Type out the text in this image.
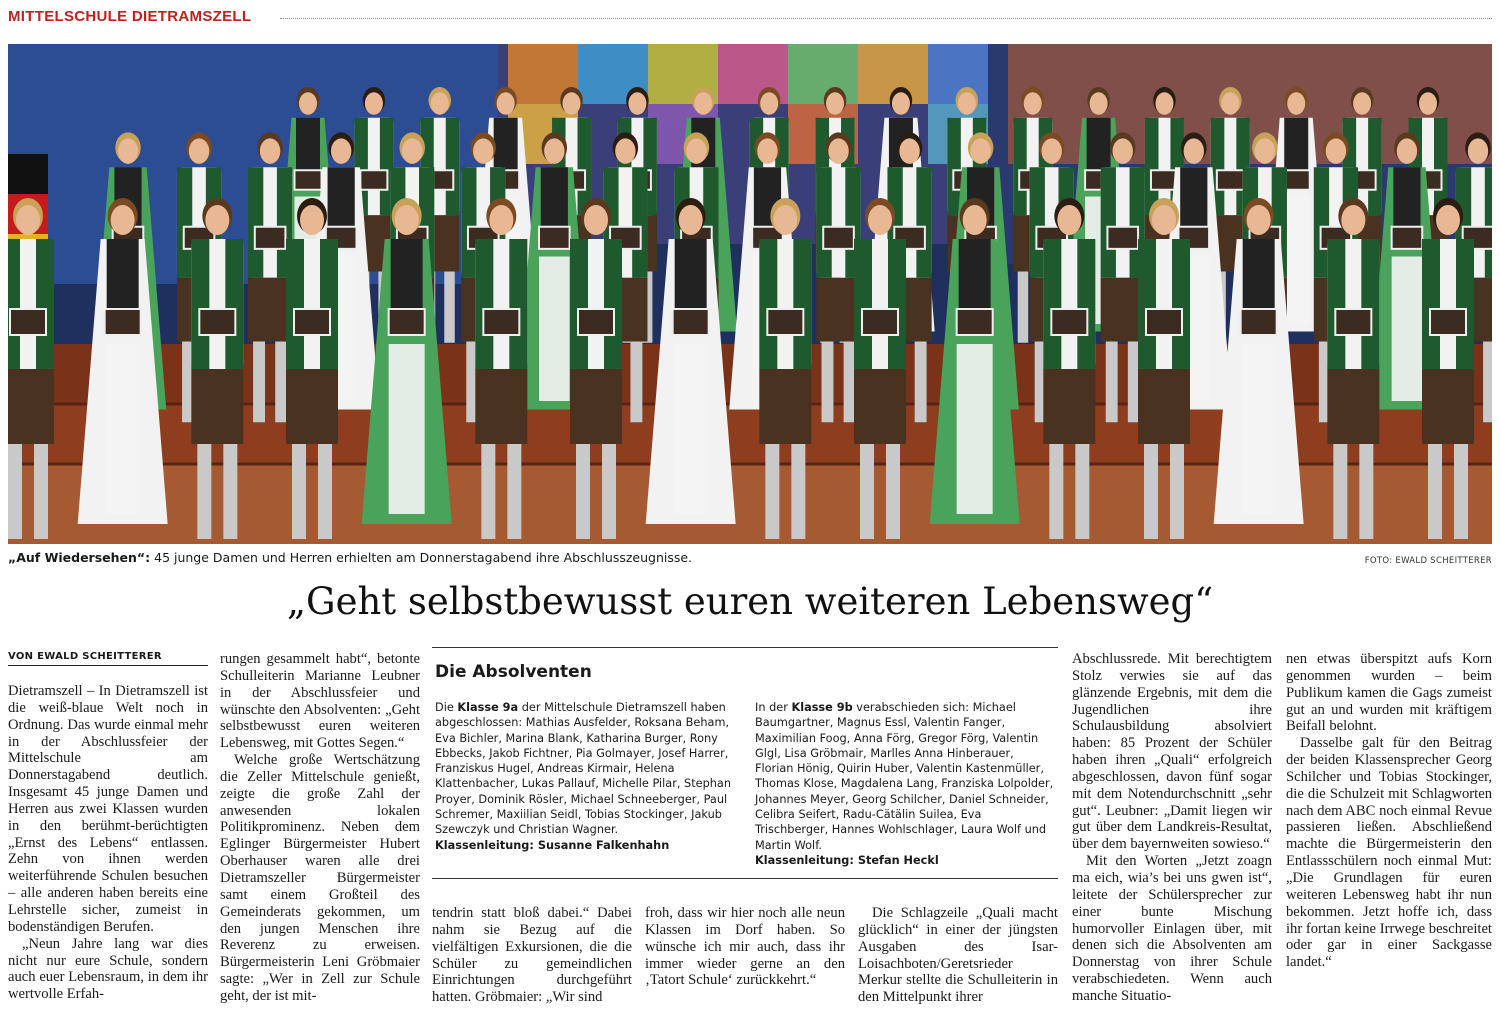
MITTELSCHULE DIETRAMSZELL
„Auf Wiedersehen“: 45 junge Damen und Herren erhielten am Donnerstagabend ihre Abschlusszeugnisse.	FOTO: EWALD SCHEITTERER
„Geht selbstbewusst euren weiteren Lebensweg“
VON EWALD SCHEITTERER

Dietramszell – In Dietramszell ist die weiß-blaue Welt noch in Ordnung. Das wurde einmal mehr in der Abschlussfeier der Mittelschule am Donnerstagabend deutlich. Insgesamt 45 junge Damen und Herren aus zwei Klassen wurden in den berühmt-berüchtigten „Ernst des Lebens“ entlassen. Zehn von ihnen werden weiterführende Schulen besuchen – alle anderen haben bereits eine Lehrstelle sicher, zumeist in bodenständigen Berufen.

„Neun Jahre lang war dies nicht nur eure Schule, sondern auch euer Lebensraum, in dem ihr wertvolle Erfah-

rungen gesammelt habt“, betonte Schulleiterin Marianne Leubner in der Abschlussfeier und wünschte den Absolventen: „Geht selbstbewusst euren weiteren Lebensweg, mit Gottes Segen.“

Welche große Wertschätzung die Zeller Mittelschule genießt, zeigte die große Zahl der anwesenden lokalen Politikprominenz. Neben dem Eglinger Bürgermeister Hubert Oberhauser waren alle drei Dietramszeller Bürgermeister samt einem Großteil des Gemeinderats gekommen, um den jungen Menschen ihre Reverenz zu erweisen. Bürgermeisterin Leni Gröbmaier sagte: „Wer in Zell zur Schule geht, der ist mit-

Die Absolventen
Die Klasse 9a der Mittelschule Dietramszell haben abgeschlossen: Mathias Ausfelder, Roksana Beham, Eva Bichler, Marina Blank, Katharina Burger, Rony Ebbecks, Jakob Fichtner, Pia Golmayer, Josef Harrer, Franziskus Hugel, Andreas Kirmair, Helena Klattenbacher, Lukas Pallauf, Michelle Pilar, Stephan Proyer, Dominik Rösler, Michael Schneeberger, Paul Schremer, Maxiilian Seidl, Tobias Stockinger, Jakub Szewczyk und Christian Wagner.
Klassenleitung: Susanne Falkenhahn
In der Klasse 9b verabschieden sich: Michael Baumgartner, Magnus Essl, Valentin Fanger, Maximilian Foog, Anna Förg, Gregor Förg, Valentin Glgl, Lisa Gröbmair, Marlles Anna Hinberauer, Florian Hönig, Quirin Huber, Valentin Kastenmüller, Thomas Klose, Magdalena Lang, Franziska Lolpolder, Johannes Meyer, Georg Schilcher, Daniel Schneider, Celibra Seifert, Radu-Cätälin Suilea, Eva Trischberger, Hannes Wohlschlager, Laura Wolf und Martin Wolf.
Klassenleitung: Stefan Heckl

tendrin statt bloß dabei.“ Dabei nahm sie Bezug auf die vielfältigen Exkursionen, die die Schüler zu gemeindlichen Einrichtungen durchgeführt hatten. Gröbmaier: „Wir sind

froh, dass wir hier noch alle neun Klassen im Dorf haben. So wünsche ich mir auch, dass ihr immer wieder gerne an den ‚Tatort Schule‘ zurückkehrt.“

Die Schlagzeile „Quali macht glücklich“ in einer der jüngsten Ausgaben des Isar-Loisachboten/Geretsrieder Merkur stellte die Schulleiterin in den Mittelpunkt ihrer

Abschlussrede. Mit berechtigtem Stolz verwies sie auf das glänzende Ergebnis, mit dem die Jugendlichen ihre Schulausbildung absolviert haben: 85 Prozent der Schüler haben ihren „Quali“ erfolgreich abgeschlossen, davon fünf sogar mit dem Notendurchschnitt „sehr gut“. Leubner: „Damit liegen wir gut über dem Landkreis-Resultat, über dem bayernweiten sowieso.“

Mit den Worten „Jetzt zoagn ma eich, wia’s bei uns gwen ist“, leitete der Schülersprecher zur einer bunte Mischung humorvoller Einlagen über, mit denen sich die Absolventen am Donnerstag von ihrer Schule verabschiedeten. Wenn auch manche Situatio-

nen etwas überspitzt aufs Korn genommen wurden – beim Publikum kamen die Gags zumeist gut an und wurden mit kräftigem Beifall belohnt.

Dasselbe galt für den Beitrag der beiden Klassensprecher Georg Schilcher und Tobias Stockinger, die die Schulzeit mit Schlagworten nach dem ABC noch einmal Revue passieren ließen. Abschließend machte die Bürgermeisterin den Entlassschülern noch einmal Mut: „Die Grundlagen für euren weiteren Lebensweg habt ihr nun bekommen. Jetzt hoffe ich, dass ihr fortan keine Irrwege beschreitet oder gar in einer Sackgasse landet.“
